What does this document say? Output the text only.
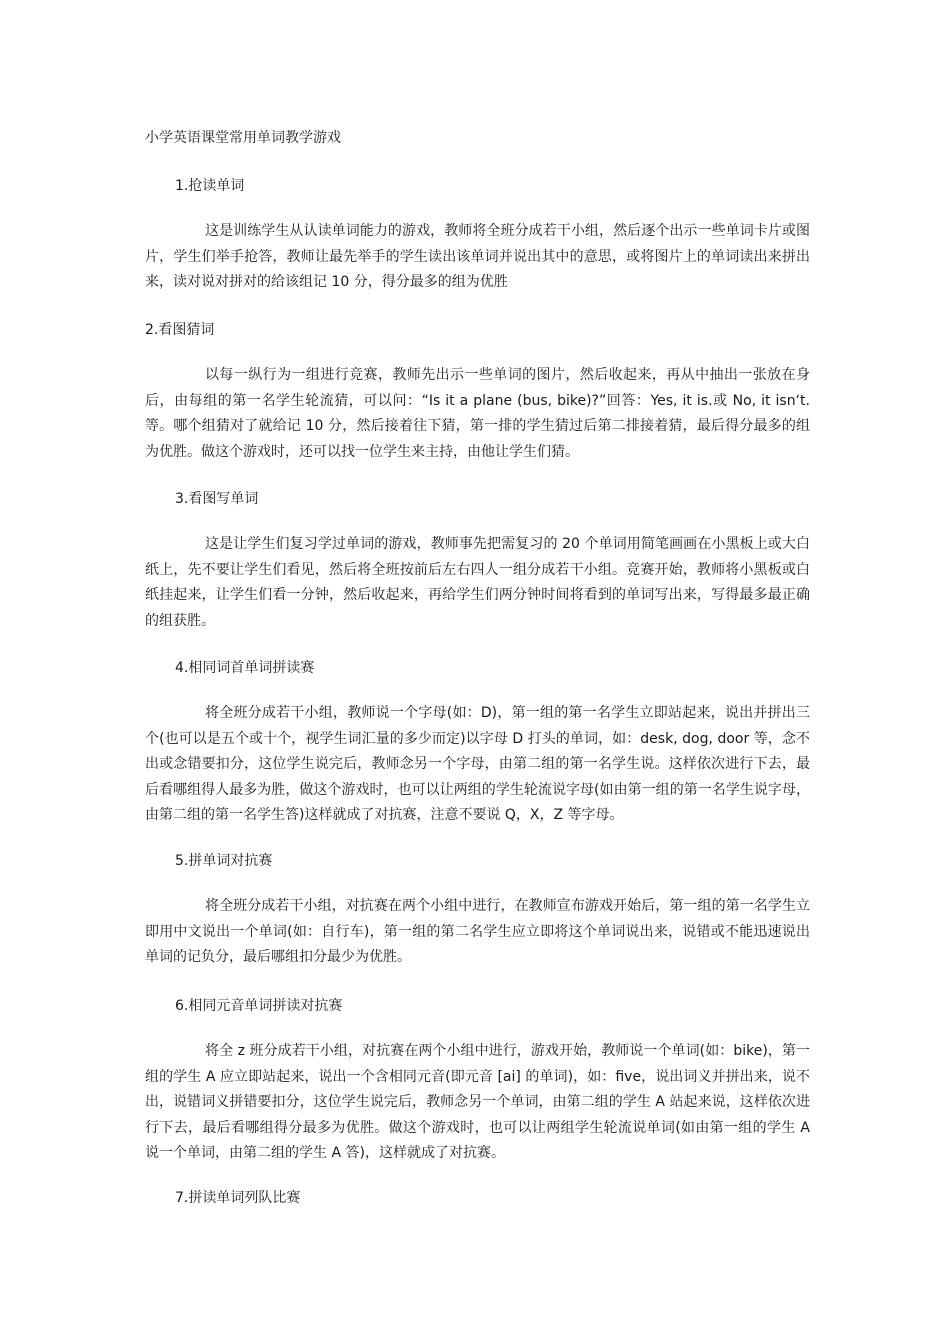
小学英语课堂常用单词教学游戏
1.抢读单词
这是训练学生从认读单词能力的游戏，教师将全班分成若干小组，然后逐个出示一些单词卡片或图片，学生们举手抢答，教师让最先举手的学生读出该单词并说出其中的意思，或将图片上的单词读出来拼出来，读对说对拼对的给该组记 10 分，得分最多的组为优胜
2.看图猜词
以每一纵行为一组进行竞赛，教师先出示一些单词的图片，然后收起来，再从中抽出一张放在身后，由每组的第一名学生轮流猜，可以问：“Is it a plane (bus, bike)?”回答：Yes, it is.或 No, it isn‘t.等。哪个组猜对了就给记 10 分，然后接着往下猜，第一排的学生猜过后第二排接着猜，最后得分最多的组为优胜。做这个游戏时，还可以找一位学生来主持，由他让学生们猜。
3.看图写单词
这是让学生们复习学过单词的游戏，教师事先把需复习的 20 个单词用简笔画画在小黑板上或大白纸上，先不要让学生们看见，然后将全班按前后左右四人一组分成若干小组。竞赛开始，教师将小黑板或白纸挂起来，让学生们看一分钟，然后收起来，再给学生们两分钟时间将看到的单词写出来，写得最多最正确的组获胜。
4.相同词首单词拼读赛
将全班分成若干小组，教师说一个字母(如：D)，第一组的第一名学生立即站起来，说出并拼出三个(也可以是五个或十个，视学生词汇量的多少而定)以字母 D 打头的单词，如：desk, dog, door 等，念不出或念错要扣分，这位学生说完后，教师念另一个字母，由第二组的第一名学生说。这样依次进行下去，最后看哪组得人最多为胜，做这个游戏时，也可以让两组的学生轮流说字母(如由第一组的第一名学生说字母，由第二组的第一名学生答)这样就成了对抗赛，注意不要说 Q，X，Z 等字母。
5.拼单词对抗赛
将全班分成若干小组，对抗赛在两个小组中进行，在教师宣布游戏开始后，第一组的第一名学生立即用中文说出一个单词(如：自行车)，第一组的第二名学生应立即将这个单词说出来，说错或不能迅速说出单词的记负分，最后哪组扣分最少为优胜。
6.相同元音单词拼读对抗赛
将全 z 班分成若干小组，对抗赛在两个小组中进行，游戏开始，教师说一个单词(如：bike)，第一组的学生 A 应立即站起来，说出一个含相同元音(即元音 [ai] 的单词)，如：five，说出词义并拼出来，说不出，说错词义拼错要扣分，这位学生说完后，教师念另一个单词，由第二组的学生 A 站起来说，这样依次进行下去，最后看哪组得分最多为优胜。做这个游戏时，也可以让两组学生轮流说单词(如由第一组的学生 A 说一个单词，由第二组的学生 A 答)，这样就成了对抗赛。
7.拼读单词列队比赛
